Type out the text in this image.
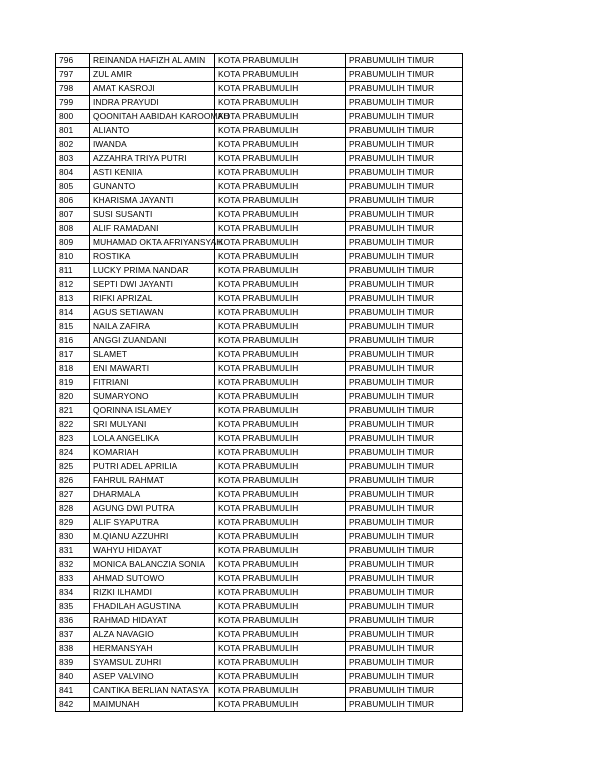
796	REINANDA HAFIZH AL AMIN	KOTA PRABUMULIH	PRABUMULIH TIMUR
797	ZUL AMIR	KOTA PRABUMULIH	PRABUMULIH TIMUR
798	AMAT KASROJI	KOTA PRABUMULIH	PRABUMULIH TIMUR
799	INDRA PRAYUDI	KOTA PRABUMULIH	PRABUMULIH TIMUR
800	QOONITAH AABIDAH KAROOMAH	KOTA PRABUMULIH	PRABUMULIH TIMUR
801	ALIANTO	KOTA PRABUMULIH	PRABUMULIH TIMUR
802	IWANDA	KOTA PRABUMULIH	PRABUMULIH TIMUR
803	AZZAHRA TRIYA PUTRI	KOTA PRABUMULIH	PRABUMULIH TIMUR
804	ASTI KENIIA	KOTA PRABUMULIH	PRABUMULIH TIMUR
805	GUNANTO	KOTA PRABUMULIH	PRABUMULIH TIMUR
806	KHARISMA JAYANTI	KOTA PRABUMULIH	PRABUMULIH TIMUR
807	SUSI SUSANTI	KOTA PRABUMULIH	PRABUMULIH TIMUR
808	ALIF RAMADANI	KOTA PRABUMULIH	PRABUMULIH TIMUR
809	MUHAMAD OKTA AFRIYANSYAH	KOTA PRABUMULIH	PRABUMULIH TIMUR
810	ROSTIKA	KOTA PRABUMULIH	PRABUMULIH TIMUR
811	LUCKY PRIMA NANDAR	KOTA PRABUMULIH	PRABUMULIH TIMUR
812	SEPTI DWI JAYANTI	KOTA PRABUMULIH	PRABUMULIH TIMUR
813	RIFKI APRIZAL	KOTA PRABUMULIH	PRABUMULIH TIMUR
814	AGUS SETIAWAN	KOTA PRABUMULIH	PRABUMULIH TIMUR
815	NAILA ZAFIRA	KOTA PRABUMULIH	PRABUMULIH TIMUR
816	ANGGI ZUANDANI	KOTA PRABUMULIH	PRABUMULIH TIMUR
817	SLAMET	KOTA PRABUMULIH	PRABUMULIH TIMUR
818	ENI MAWARTI	KOTA PRABUMULIH	PRABUMULIH TIMUR
819	FITRIANI	KOTA PRABUMULIH	PRABUMULIH TIMUR
820	SUMARYONO	KOTA PRABUMULIH	PRABUMULIH TIMUR
821	QORINNA ISLAMEY	KOTA PRABUMULIH	PRABUMULIH TIMUR
822	SRI MULYANI	KOTA PRABUMULIH	PRABUMULIH TIMUR
823	LOLA ANGELIKA	KOTA PRABUMULIH	PRABUMULIH TIMUR
824	KOMARIAH	KOTA PRABUMULIH	PRABUMULIH TIMUR
825	PUTRI ADEL APRILIA	KOTA PRABUMULIH	PRABUMULIH TIMUR
826	FAHRUL RAHMAT	KOTA PRABUMULIH	PRABUMULIH TIMUR
827	DHARMALA	KOTA PRABUMULIH	PRABUMULIH TIMUR
828	AGUNG DWI PUTRA	KOTA PRABUMULIH	PRABUMULIH TIMUR
829	ALIF SYAPUTRA	KOTA PRABUMULIH	PRABUMULIH TIMUR
830	M.QIANU AZZUHRI	KOTA PRABUMULIH	PRABUMULIH TIMUR
831	WAHYU HIDAYAT	KOTA PRABUMULIH	PRABUMULIH TIMUR
832	MONICA BALANCZIA SONIA	KOTA PRABUMULIH	PRABUMULIH TIMUR
833	AHMAD SUTOWO	KOTA PRABUMULIH	PRABUMULIH TIMUR
834	RIZKI ILHAMDI	KOTA PRABUMULIH	PRABUMULIH TIMUR
835	FHADILAH AGUSTINA	KOTA PRABUMULIH	PRABUMULIH TIMUR
836	RAHMAD HIDAYAT	KOTA PRABUMULIH	PRABUMULIH TIMUR
837	ALZA NAVAGIO	KOTA PRABUMULIH	PRABUMULIH TIMUR
838	HERMANSYAH	KOTA PRABUMULIH	PRABUMULIH TIMUR
839	SYAMSUL ZUHRI	KOTA PRABUMULIH	PRABUMULIH TIMUR
840	ASEP VALVINO	KOTA PRABUMULIH	PRABUMULIH TIMUR
841	CANTIKA BERLIAN NATASYA	KOTA PRABUMULIH	PRABUMULIH TIMUR
842	MAIMUNAH	KOTA PRABUMULIH	PRABUMULIH TIMUR
